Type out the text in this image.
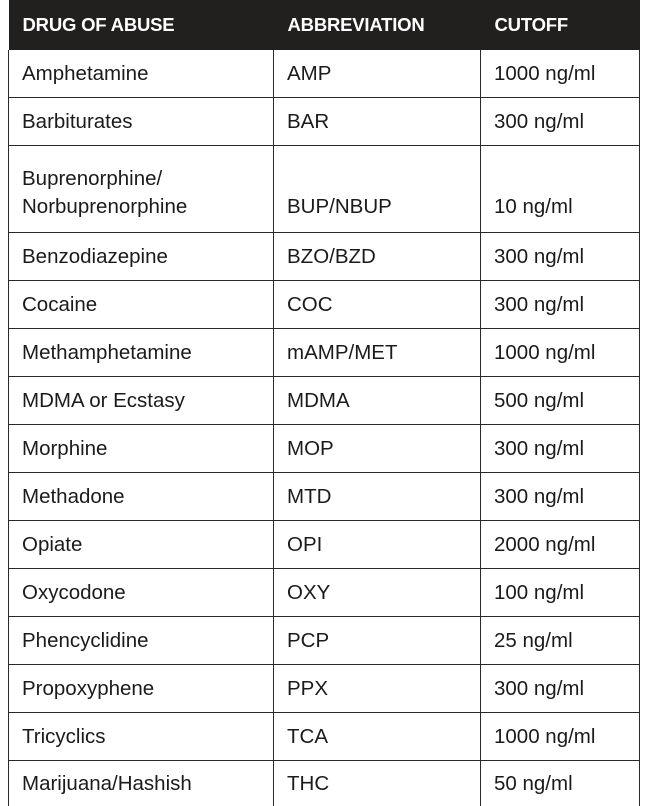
DRUG OF ABUSE	ABBREVIATION	CUTOFF
Amphetamine	AMP	1000 ng/ml
Barbiturates	BAR	300 ng/ml

Buprenorphine/
Norbuprenorphine	BUP/NBUP	10 ng/ml
Benzodiazepine	BZO/BZD	300 ng/ml
Cocaine	COC	300 ng/ml
Methamphetamine	mAMP/MET	1000 ng/ml
MDMA or Ecstasy	MDMA	500 ng/ml
Morphine	MOP	300 ng/ml
Methadone	MTD	300 ng/ml
Opiate	OPI	2000 ng/ml
Oxycodone	OXY	100 ng/ml
Phencyclidine	PCP	25 ng/ml
Propoxyphene	PPX	300 ng/ml
Tricyclics	TCA	1000 ng/ml
Marijuana/Hashish	THC	50 ng/ml
